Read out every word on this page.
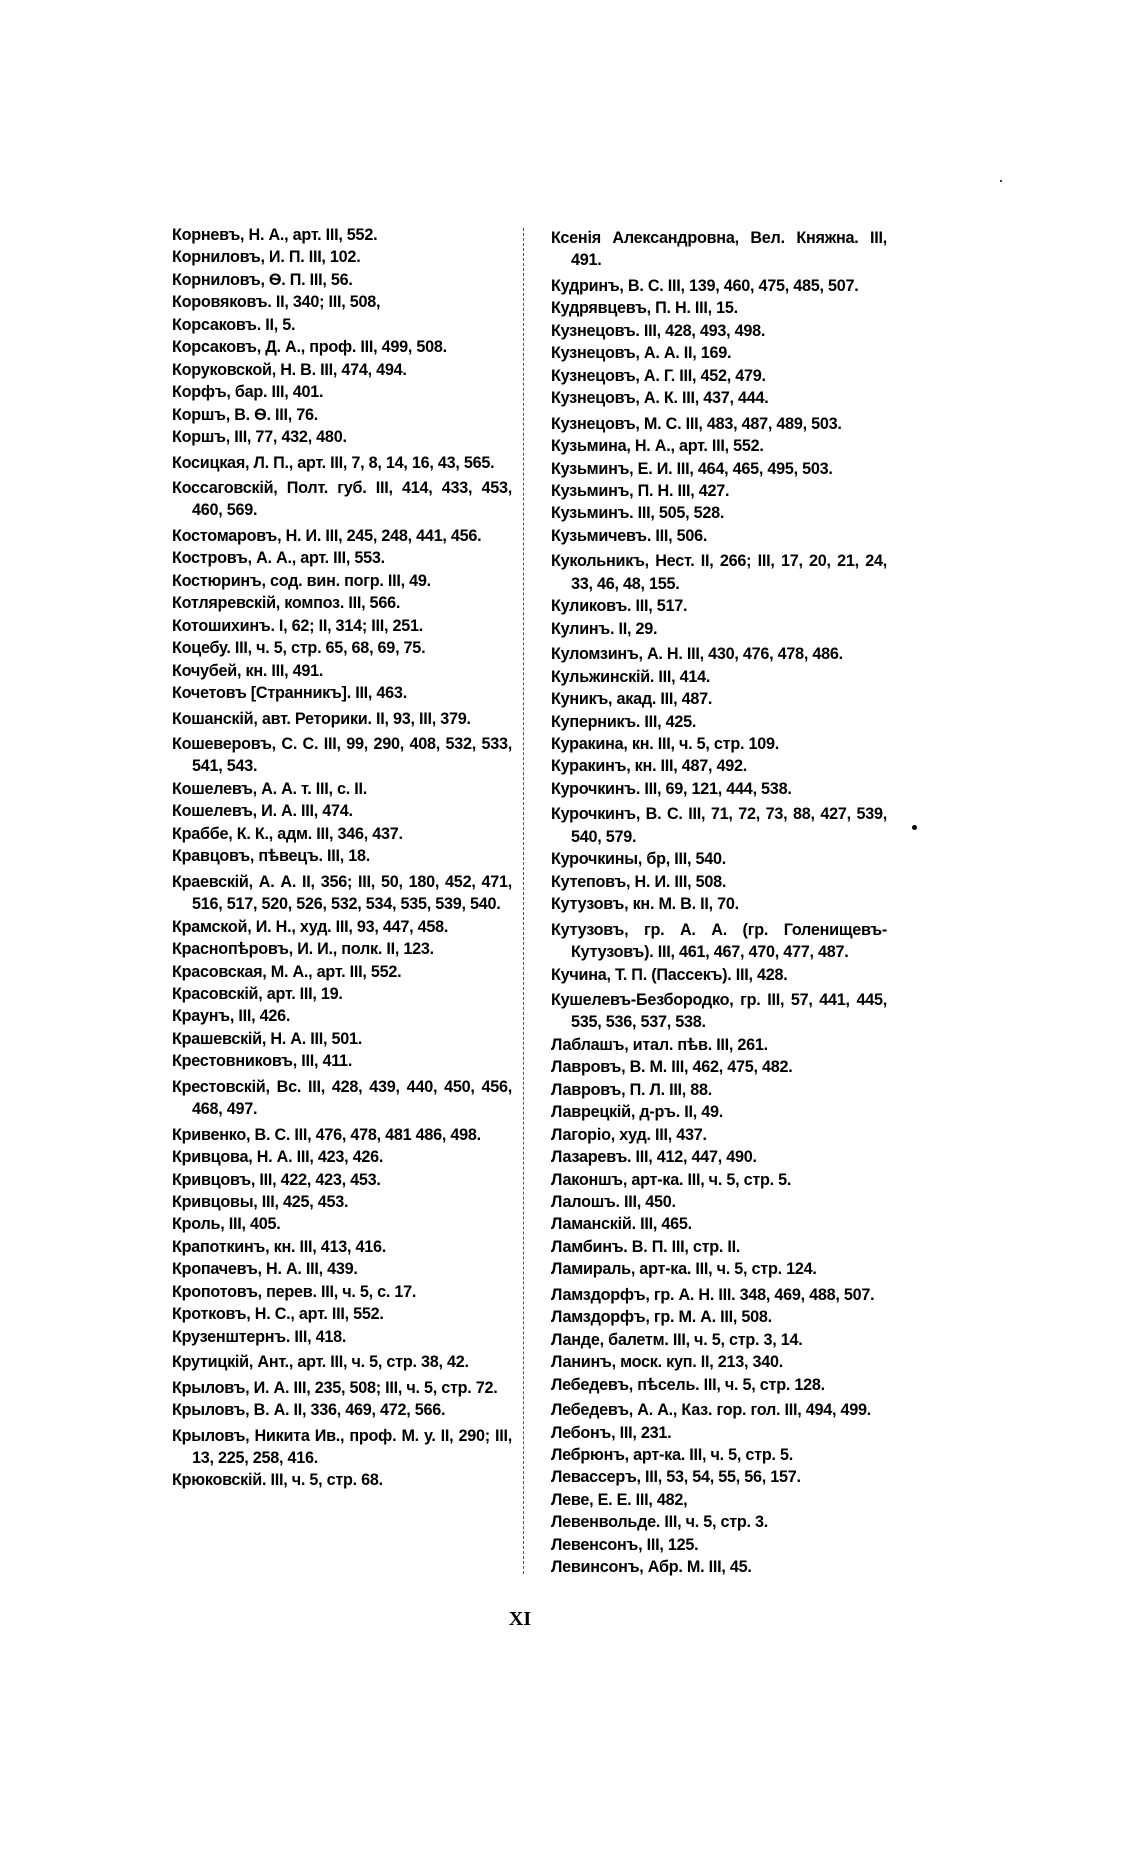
Корневъ, Н. А., арт. III, 552.
Корниловъ, И. П. III, 102.
Корниловъ, Ѳ. П. III, 56.
Коровяковъ. II, 340; III, 508,
Корсаковъ. II, 5.
Корсаковъ, Д. А., проф. III, 499, 508.
Коруковской, Н. В. III, 474, 494.
Корфъ, бар. III, 401.
Коршъ, В. Ѳ. III, 76.
Коршъ, III, 77, 432, 480.
Косицкая, Л. П., арт. III, 7, 8, 14, 16, 43, 565.
Коссаговскій, Полт. губ. III, 414, 433, 453, 460, 569.
Костомаровъ, Н. И. III, 245, 248, 441, 456.
Костровъ, А. А., арт. III, 553.
Костюринъ, сод. вин. погр. III, 49.
Котляревскій, композ. III, 566.
Котошихинъ. I, 62; II, 314; III, 251.
Коцебу. III, ч. 5, стр. 65, 68, 69, 75.
Кочубей, кн. III, 491.
Кочетовъ [Странникъ]. III, 463.
Кошанскій, авт. Реторики. II, 93, III, 379.
Кошеверовъ, С. С. III, 99, 290, 408, 532, 533, 541, 543.
Кошелевъ, А. А. т. III, с. II.
Кошелевъ, И. А. III, 474.
Краббе, К. К., адм. III, 346, 437.
Кравцовъ, пѣвецъ. III, 18.
Краевскій, А. А. II, 356; III, 50, 180, 452, 471, 516, 517, 520, 526, 532, 534, 535, 539, 540.
Крамской, И. Н., худ. III, 93, 447, 458.
Краснопѣровъ, И. И., полк. II, 123.
Красовская, М. А., арт. III, 552.
Красовскій, арт. III, 19.
Краунъ, III, 426.
Крашевскій, Н. А. III, 501.
Крестовниковъ, III, 411.
Крестовскій, Вс. III, 428, 439, 440, 450, 456, 468, 497.
Кривенко, В. С. III, 476, 478, 481 486, 498.
Кривцова, Н. А. III, 423, 426.
Кривцовъ, III, 422, 423, 453.
Кривцовы, III, 425, 453.
Кроль, III, 405.
Крапоткинъ, кн. III, 413, 416.
Кропачевъ, Н. А. III, 439.
Кропотовъ, перев. III, ч. 5, с. 17.
Кротковъ, Н. С., арт. III, 552.
Крузенштернъ. III, 418.
Крутицкій, Ант., арт. III, ч. 5, стр. 38, 42.
Крыловъ, И. А. III, 235, 508; III, ч. 5, стр. 72.
Крыловъ, В. А. II, 336, 469, 472, 566.
Крыловъ, Никита Ив., проф. М. у. II, 290; III, 13, 225, 258, 416.
Крюковскій. III, ч. 5, стр. 68.
Ксенія Александровна, Вел. Княжна. III, 491.
Кудринъ, В. С. III, 139, 460, 475, 485, 507.
Кудрявцевъ, П. Н. III, 15.
Кузнецовъ. III, 428, 493, 498.
Кузнецовъ, А. А. II, 169.
Кузнецовъ, А. Г. III, 452, 479.
Кузнецовъ, А. К. III, 437, 444.
Кузнецовъ, М. С. III, 483, 487, 489, 503.
Кузьмина, Н. А., арт. III, 552.
Кузьминъ, Е. И. III, 464, 465, 495, 503.
Кузьминъ, П. Н. III, 427.
Кузьминъ. III, 505, 528.
Кузьмичевъ. III, 506.
Кукольникъ, Нест. II, 266; III, 17, 20, 21, 24, 33, 46, 48, 155.
Куликовъ. III, 517.
Кулинъ. II, 29.
Куломзинъ, А. Н. III, 430, 476, 478, 486.
Кульжинскій. III, 414.
Куникъ, акад. III, 487.
Куперникъ. III, 425.
Куракина, кн. III, ч. 5, стр. 109.
Куракинъ, кн. III, 487, 492.
Курочкинъ. III, 69, 121, 444, 538.
Курочкинъ, В. С. III, 71, 72, 73, 88, 427, 539, 540, 579.
Курочкины, бр, III, 540.
Кутеповъ, Н. И. III, 508.
Кутузовъ, кн. М. В. II, 70.
Кутузовъ, гр. А. А. (гр. Голенищевъ-Кутузовъ). III, 461, 467, 470, 477, 487.
Кучина, Т. П. (Пассекъ). III, 428.
Кушелевъ-Безбородко, гр. III, 57, 441, 445, 535, 536, 537, 538.
Лаблашъ, итал. пѣв. III, 261.
Лавровъ, В. М. III, 462, 475, 482.
Лавровъ, П. Л. III, 88.
Лаврецкій, д-ръ. II, 49.
Лагоріо, худ. III, 437.
Лазаревъ. III, 412, 447, 490.
Лаконшъ, арт-ка. III, ч. 5, стр. 5.
Лалошъ. III, 450.
Ламанскій. III, 465.
Ламбинъ. В. П. III, стр. II.
Ламираль, арт-ка. III, ч. 5, стр. 124.
Ламздорфъ, гр. А. Н. III. 348, 469, 488, 507.
Ламздорфъ, гр. М. А. III, 508.
Ланде, балетм. III, ч. 5, стр. 3, 14.
Ланинъ, моск. куп. II, 213, 340.
Лебедевъ, пѣсель. III, ч. 5, стр. 128.
Лебедевъ, А. А., Каз. гор. гол. III, 494, 499.
Лебонъ, III, 231.
Лебрюнъ, арт-ка. III, ч. 5, стр. 5.
Левассеръ, III, 53, 54, 55, 56, 157.
Леве, Е. Е. III, 482,
Левенвольде. III, ч. 5, стр. 3.
Левенсонъ, III, 125.
Левинсонъ, Абр. М. III, 45.
XI
